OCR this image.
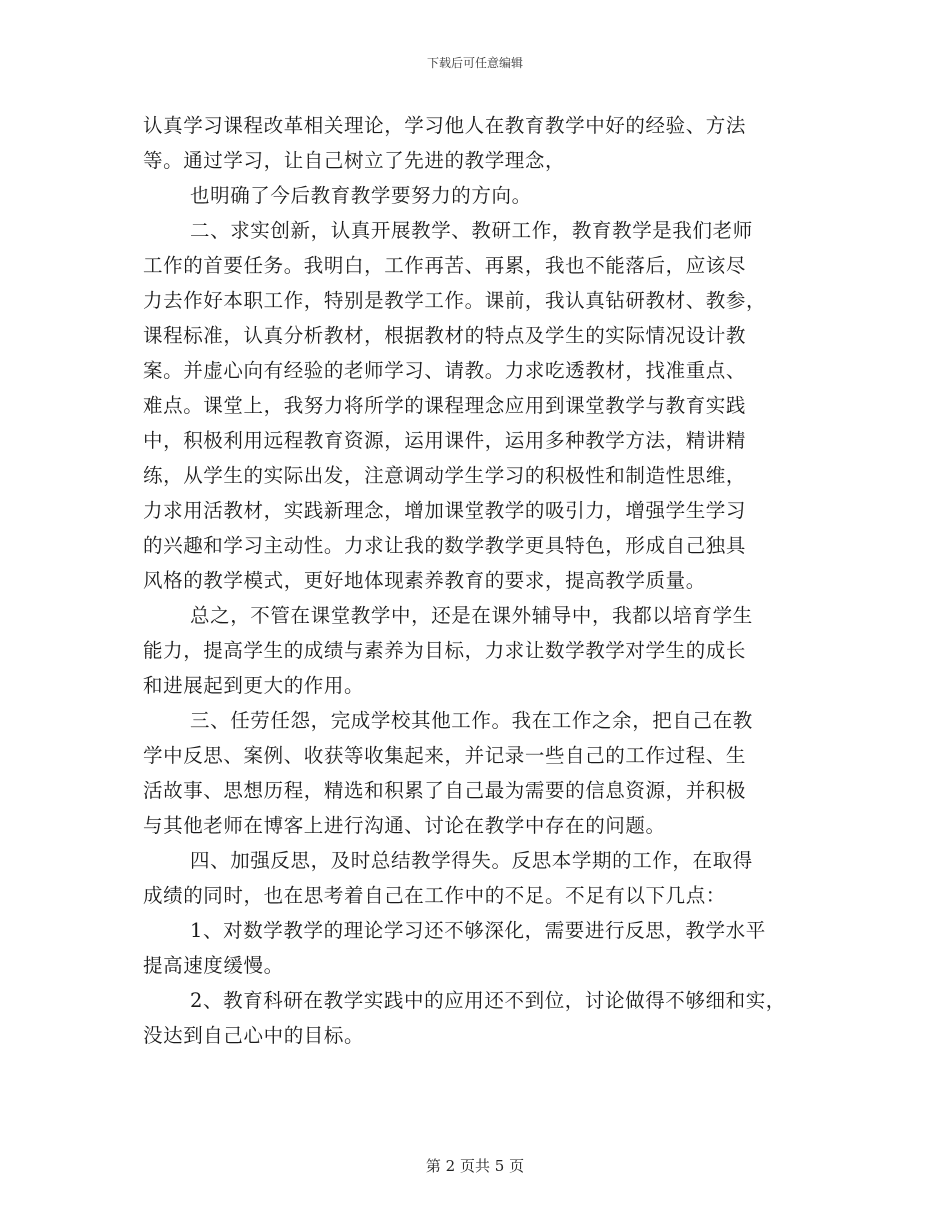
下载后可任意编辑
认真学习课程改革相关理论，学习他人在教育教学中好的经验、方法
等。通过学习，让自己树立了先进的教学理念，
也明确了今后教育教学要努力的方向。
二、求实创新，认真开展教学、教研工作，教育教学是我们老师
工作的首要任务。我明白，工作再苦、再累，我也不能落后，应该尽
力去作好本职工作，特别是教学工作。课前，我认真钻研教材、教参，
课程标准，认真分析教材，根据教材的特点及学生的实际情况设计教
案。并虚心向有经验的老师学习、请教。力求吃透教材，找准重点、
难点。课堂上，我努力将所学的课程理念应用到课堂教学与教育实践
中，积极利用远程教育资源，运用课件，运用多种教学方法，精讲精
练，从学生的实际出发，注意调动学生学习的积极性和制造性思维，
力求用活教材，实践新理念，增加课堂教学的吸引力，增强学生学习
的兴趣和学习主动性。力求让我的数学教学更具特色，形成自己独具
风格的教学模式，更好地体现素养教育的要求，提高教学质量。
总之，不管在课堂教学中，还是在课外辅导中，我都以培育学生
能力，提高学生的成绩与素养为目标，力求让数学教学对学生的成长
和进展起到更大的作用。
三、任劳任怨，完成学校其他工作。我在工作之余，把自己在教
学中反思、案例、收获等收集起来，并记录一些自己的工作过程、生
活故事、思想历程，精选和积累了自己最为需要的信息资源，并积极
与其他老师在博客上进行沟通、讨论在教学中存在的问题。
四、加强反思，及时总结教学得失。反思本学期的工作，在取得
成绩的同时，也在思考着自己在工作中的不足。不足有以下几点：
1、对数学教学的理论学习还不够深化，需要进行反思，教学水平
提高速度缓慢。
2、教育科研在教学实践中的应用还不到位，讨论做得不够细和实，
没达到自己心中的目标。
第 2 页共 5 页
